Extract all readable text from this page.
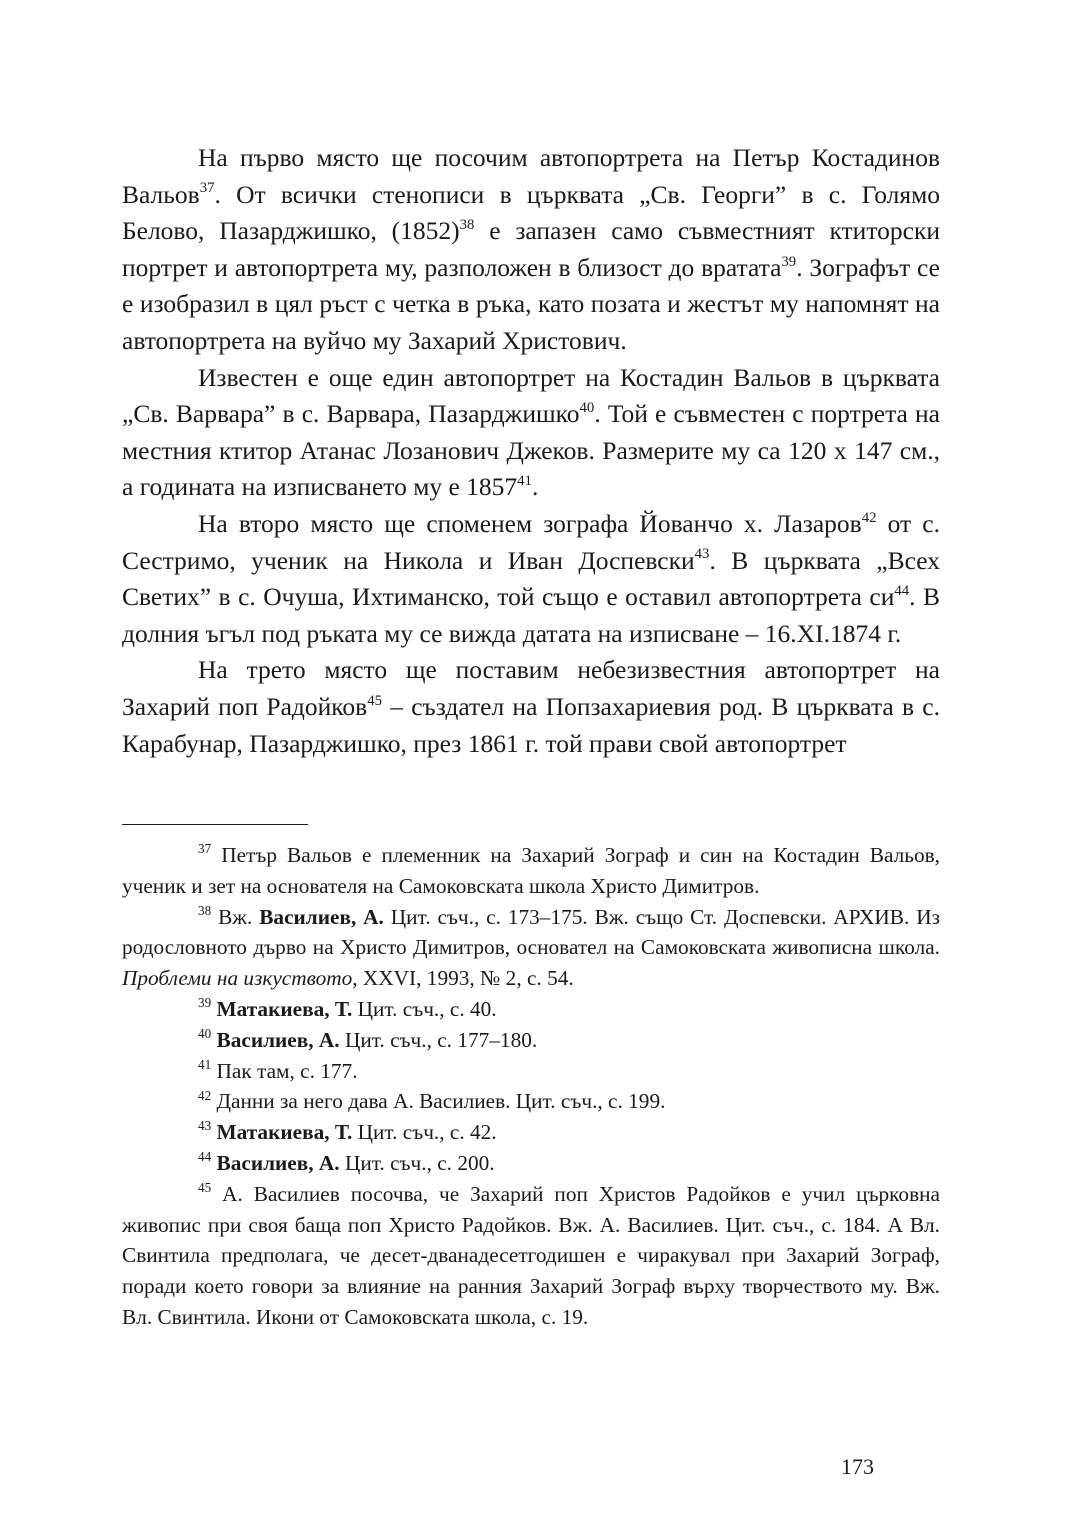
На първо място ще посочим автопортрета на Петър Костадинов Вальов$^{37}$. От всички стенописи в църквата „Св. Георги” в с. Голямо Белово, Пазарджишко, $(1852)^{38}$ е запазен само съвместният ктиторски портрет и автопортрета му, разположен в близост до вратата$^{39}$. Зографът се е изобразил в цял ръст с четка в ръка, като позата и жестът му напомнят на автопортрета на вуйчо му Захарий Христович.

Известен е още един автопортрет на Костадин Вальов в църквата „Св. Варвара” в с. Варвара, Пазарджишко$^{40}$. Той е съвместен с портрета на местния ктитор Атанас Лозанович Джеков. Размерите му са 120 х 147 см., а годината на изписването му е 1857$^{41}$.

На второ място ще споменем зографа Йованчо х. Лазаров$^{42}$ от с. Сестримо, ученик на Никола и Иван Доспевски$^{43}$. В църквата „Всех Светих” в с. Очуша, Ихтиманско, той също е оставил автопортрета $си^{44}$. В долния ъгъл под ръката му се вижда датата на изписване – 16.XI.1874 г.

На трето място ще поставим небезизвестния автопортрет на Захарий поп Радойков$^{45}$ – създател на Попзахариевия род. В църквата в с. Карабунар, Пазарджишко, през 1861 г. той прави свой автопортрет

$^{37}$ Петър Вальов е племенник на Захарий Зограф и син на Костадин Вальов, ученик и зет на основателя на Самоковската школа Христо Димитров.

$^{38}$ Вж. Василиев, А. Цит. съч., с. 173–175. Вж. също Ст. Доспевски. АРХИВ. Из родословното дърво на Христо Димитров, основател на Самоковската живописна школа. Проблеми на изкуството, XXVI, 1993, № 2, с. 54.

$^{39}$ Матакиева, Т. Цит. съч., с. 40.

$^{40}$ Василиев, А. Цит. съч., с. 177–180.

$^{41}$ Пак там, с. 177.

$^{42}$ Данни за него дава А. Василиев. Цит. съч., с. 199.

$^{43}$ Матакиева, Т. Цит. съч., с. 42.

$^{44}$ Василиев, А. Цит. съч., с. 200.

$^{45}$ А. Василиев посочва, че Захарий поп Христов Радойков е учил църковна живопис при своя баща поп Христо Радойков. Вж. А. Василиев. Цит. съч., с. 184. А Вл. Свинтила предполага, че десет-дванадесетгодишен е чиракувал при Захарий Зограф, поради което говори за влияние на ранния Захарий Зограф върху творчеството му. Вж. Вл. Свинтила. Икони от Самоковската школа, с. 19.

173
